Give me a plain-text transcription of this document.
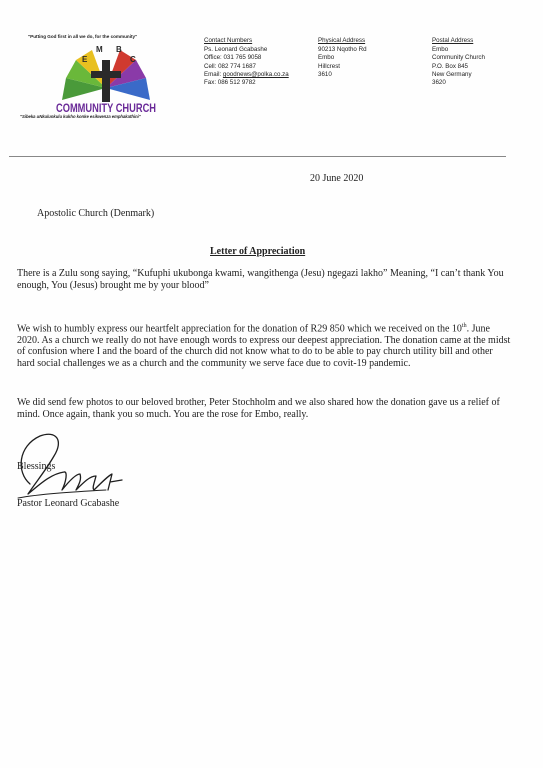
"Putting God first in all we do, for the community"
E
M B
C
COMMUNITY CHURCH
"Sibeka uNkulunkulu kukho konke esikwenza emphakathini"
Contact Numbers
Ps. Leonard Gcabashe
Office: 031 765 9058
Cell: 082 774 1687
Email: goodnews@polka.co.za
Fax: 086 512 9782
Physical Address
90213 Nqotho Rd
Embo
Hillcrest
3610
Postal Address
Embo
Community Church
P.O. Box 845
New Germany
3620
20 June 2020
Apostolic Church (Denmark)
Letter of Appreciation

There is a Zulu song saying, “Kufuphi ukubonga kwami, wangithenga (Jesu) ngegazi lakho” Meaning, “I can’t thank You enough, You (Jesus) brought me by your blood”

We wish to humbly express our heartfelt appreciation for the donation of R29 850 which we received on the 10th. June 2020. As a church we really do not have enough words to express our deepest appreciation. The donation came at the midst of confusion where I and the board of the church did not know what to do to be able to pay church utility bill and other hard social challenges we as a church and the community we serve face due to covit-19 pandemic.

We did send few photos to our beloved brother, Peter Stochholm and we also shared how the donation gave us a relief of mind. Once again, thank you so much. You are the rose for Embo, really.

Blessings
Pastor Leonard Gcabashe
